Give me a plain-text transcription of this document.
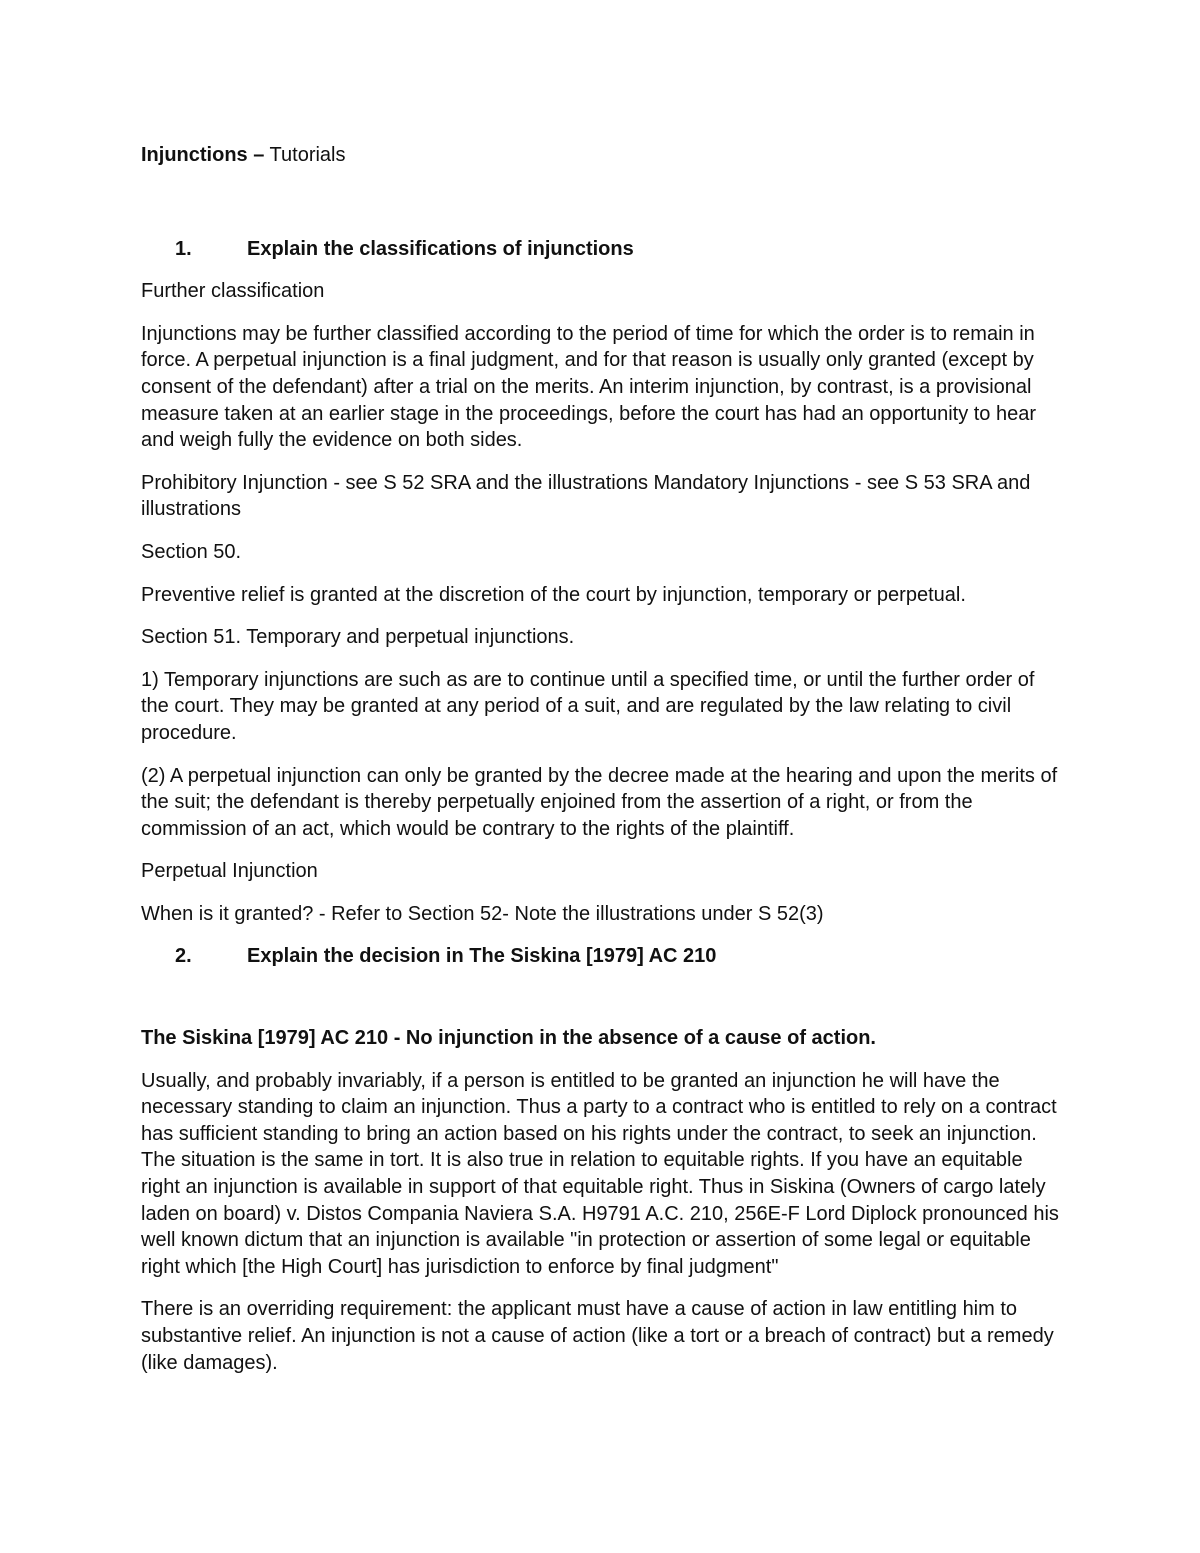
Injunctions – Tutorials

1.	Explain the classifications of injunctions

Further classification

Injunctions may be further classified according to the period of time for which the order is to remain in force. A perpetual injunction is a final judgment, and for that reason is usually only granted (except by consent of the defendant) after a trial on the merits. An interim injunction, by contrast, is a provisional measure taken at an earlier stage in the proceedings, before the court has had an opportunity to hear and weigh fully the evidence on both sides.

Prohibitory Injunction - see S 52 SRA and the illustrations Mandatory Injunctions - see S 53 SRA and illustrations

Section 50.

Preventive relief is granted at the discretion of the court by injunction, temporary or perpetual.

Section 51. Temporary and perpetual injunctions.

1) Temporary injunctions are such as are to continue until a specified time, or until the further order of the court. They may be granted at any period of a suit, and are regulated by the law relating to civil procedure.

(2) A perpetual injunction can only be granted by the decree made at the hearing and upon the merits of the suit; the defendant is thereby perpetually enjoined from the assertion of a right, or from the commission of an act, which would be contrary to the rights of the plaintiff.

Perpetual Injunction

When is it granted? - Refer to Section 52- Note the illustrations under S 52(3)

2.	Explain the decision in The Siskina [1979] AC 210

The Siskina [1979] AC 210 - No injunction in the absence of a cause of action.

Usually, and probably invariably, if a person is entitled to be granted an injunction he will have the necessary standing to claim an injunction. Thus a party to a contract who is entitled to rely on a contract has sufficient standing to bring an action based on his rights under the contract, to seek an injunction. The situation is the same in tort. It is also true in relation to equitable rights. If you have an equitable right an injunction is available in support of that equitable right. Thus in Siskina (Owners of cargo lately laden on board) v. Distos Compania Naviera S.A. H9791 A.C. 210, 256E-F Lord Diplock pronounced his well known dictum that an injunction is available "in protection or assertion of some legal or equitable right which [the High Court] has jurisdiction to enforce by final judgment"

There is an overriding requirement: the applicant must have a cause of action in law entitling him to substantive relief. An injunction is not a cause of action (like a tort or a breach of contract) but a remedy (like damages).
